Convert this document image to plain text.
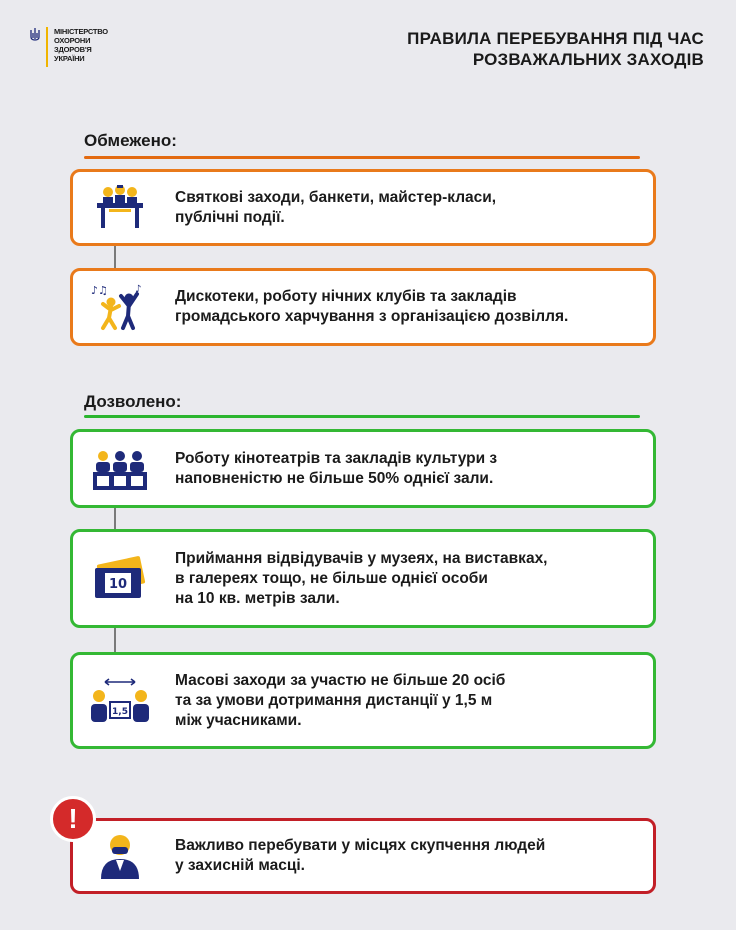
МІНІСТЕРСТВО
ОХОРОНИ
ЗДОРОВ'Я
УКРАЇНИ
ПРАВИЛА ПЕРЕБУВАННЯ ПІД ЧАС
РОЗВАЖАЛЬНИХ ЗАХОДІВ
Обмежено:
Святкові заходи, банкети, майстер-класи,
публічні події.
♪♫	♪ Дискотеки, роботу нічних клубів та закладів
громадського харчування з організацією дозвілля.
Дозволено:
Роботу кінотеатрів та закладів культури з
наповненістю не більше 50% однієї зали.
10
Приймання відвідувачів у музеях, на виставках,
в галереях тощо, не більше однієї особи
на 10 кв. метрів зали.
1,5
Масові заходи за участю не більше 20 осіб
та за умови дотримання дистанції у 1,5 м
між учасниками.
Важливо перебувати у місцях скупчення людей
у захисній масці.
!
